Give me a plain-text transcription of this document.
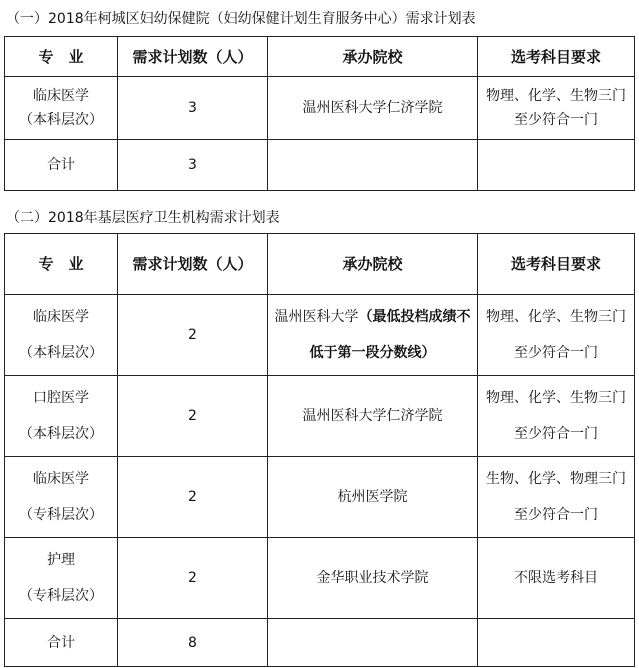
（一）2018年柯城区妇幼保健院（妇幼保健计划生育服务中心）需求计划表
专　业	需求计划数（人）	承办院校	选考科目要求

临床医学
（本科层次）	3	温州医科大学仁济学院	物理、化学、生物三门至少符合一门
合计	3		
（二）2018年基层医疗卫生机构需求计划表
专　业	需求计划数（人）	承办院校	选考科目要求

临床医学
（本科层次）	2	温州医科大学（最低投档成绩不低于第一段分数线）	物理、化学、生物三门至少符合一门

口腔医学
（本科层次）	2	温州医科大学仁济学院	物理、化学、生物三门至少符合一门

临床医学
（专科层次）	2	杭州医学院	生物、化学、物理三门至少符合一门

护理
（专科层次）	2	金华职业技术学院	不限选考科目
合计	8		
